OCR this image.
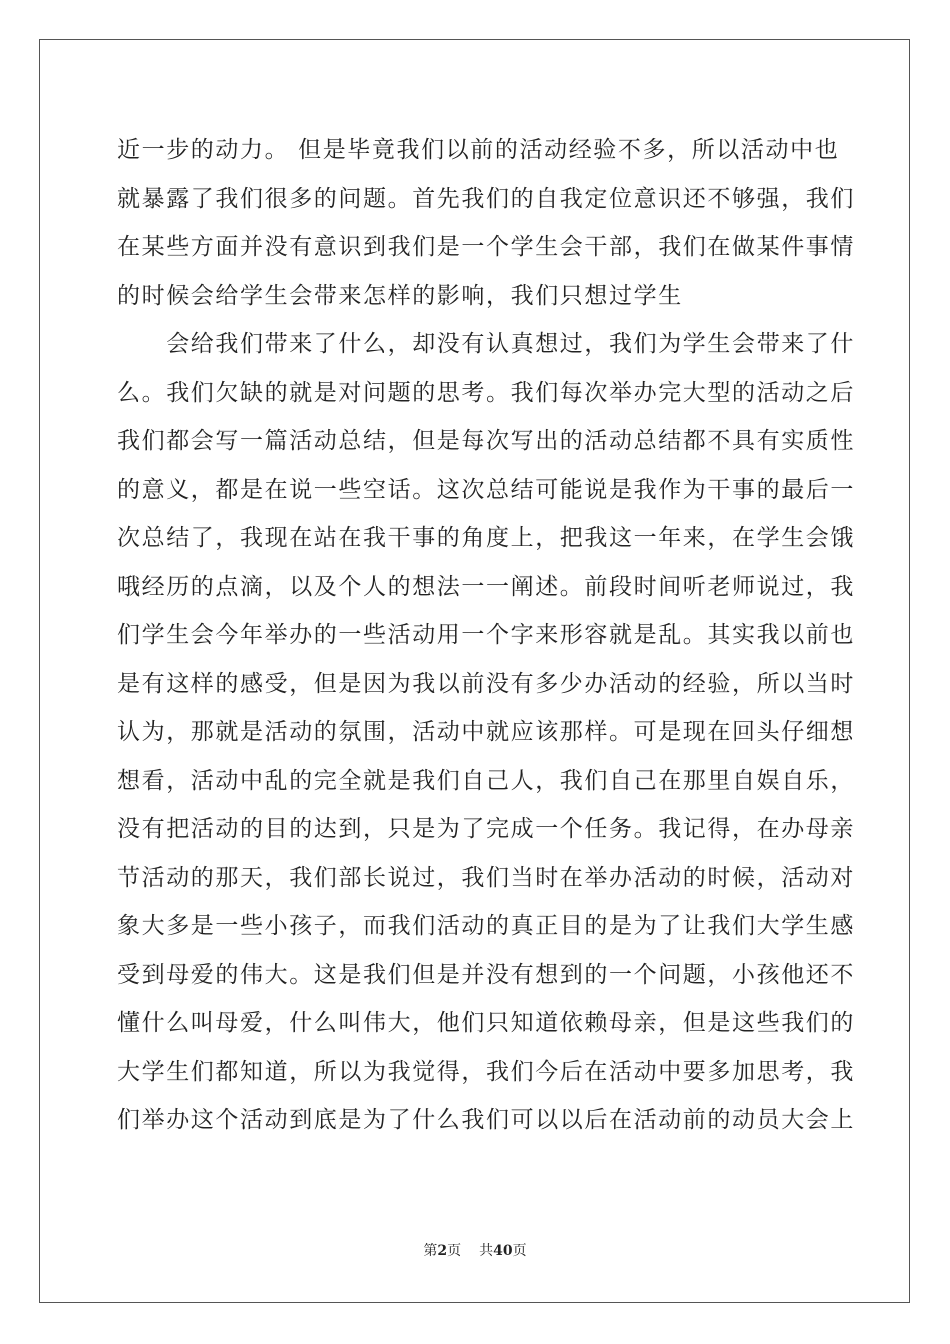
近一步的动力。 但是毕竟我们以前的活动经验不多，所以活动中也
就暴露了我们很多的问题。首先我们的自我定位意识还不够强，我们
在某些方面并没有意识到我们是一个学生会干部，我们在做某件事情
的时候会给学生会带来怎样的影响，我们只想过学生
　　会给我们带来了什么，却没有认真想过，我们为学生会带来了什
么。我们欠缺的就是对问题的思考。我们每次举办完大型的活动之后
我们都会写一篇活动总结，但是每次写出的活动总结都不具有实质性
的意义，都是在说一些空话。这次总结可能说是我作为干事的最后一
次总结了，我现在站在我干事的角度上，把我这一年来，在学生会饿
哦经历的点滴，以及个人的想法一一阐述。前段时间听老师说过，我
们学生会今年举办的一些活动用一个字来形容就是乱。其实我以前也
是有这样的感受，但是因为我以前没有多少办活动的经验，所以当时
认为，那就是活动的氛围，活动中就应该那样。可是现在回头仔细想
想看，活动中乱的完全就是我们自己人，我们自己在那里自娱自乐，
没有把活动的目的达到，只是为了完成一个任务。我记得，在办母亲
节活动的那天，我们部长说过，我们当时在举办活动的时候，活动对
象大多是一些小孩子，而我们活动的真正目的是为了让我们大学生感
受到母爱的伟大。这是我们但是并没有想到的一个问题，小孩他还不
懂什么叫母爱，什么叫伟大，他们只知道依赖母亲，但是这些我们的
大学生们都知道，所以为我觉得，我们今后在活动中要多加思考，我
们举办这个活动到底是为了什么我们可以以后在活动前的动员大会上
第2页 共40页
